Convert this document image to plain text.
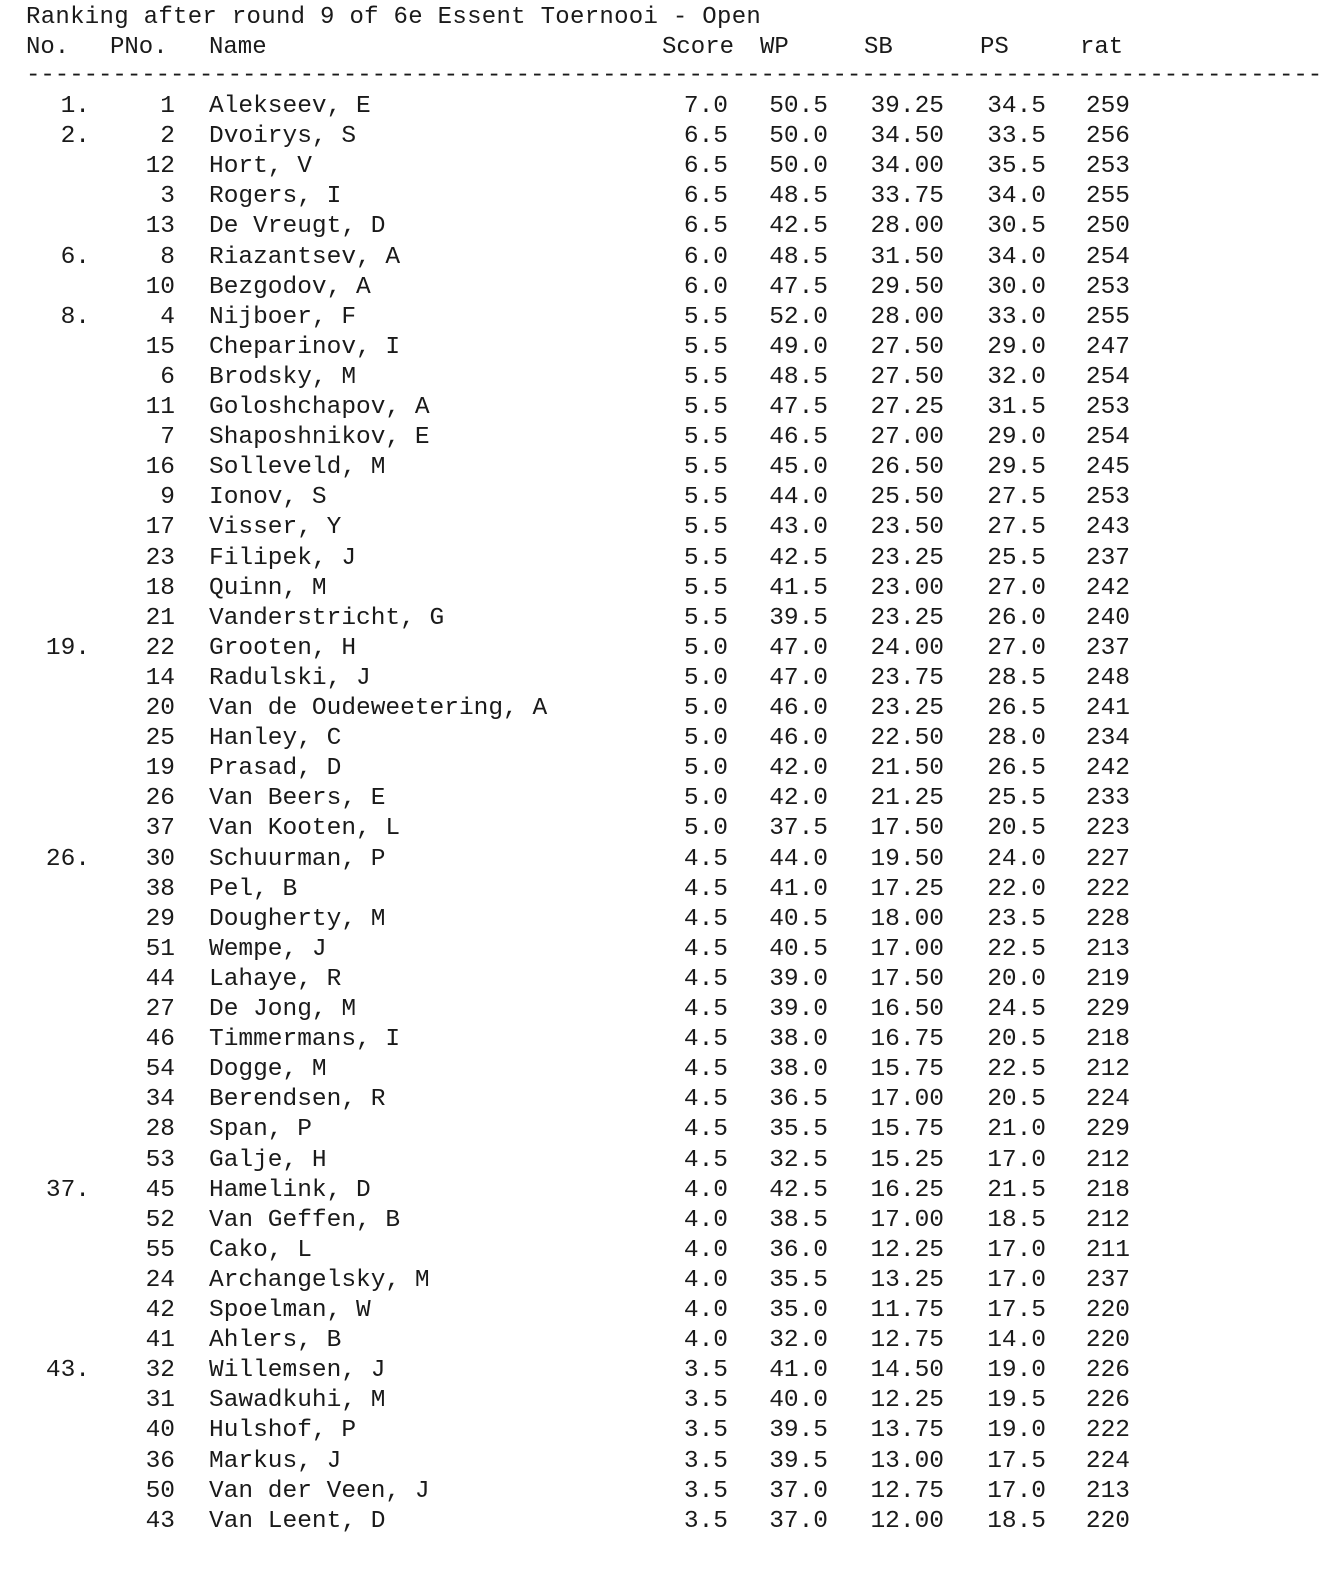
Ranking after round 9 of 6e Essent Toernooi - Open
No. PNo. Name	Score WP	SB	PS	rat
------------------------------------------------------------------------------------------
1.	1 Alekseev, E	7.0	50.5	39.25	34.5	259
2.	2 Dvoirys, S	6.5	50.0	34.50	33.5	256
12 Hort, V	6.5	50.0	34.00	35.5	253
3 Rogers, I	6.5	48.5	33.75	34.0	255
13 De Vreugt, D	6.5	42.5	28.00	30.5	250
6.	8 Riazantsev, A	6.0	48.5	31.50	34.0	254
10 Bezgodov, A	6.0	47.5	29.50	30.0	253
8.	4 Nijboer, F	5.5	52.0	28.00	33.0	255
15 Cheparinov, I	5.5	49.0	27.50	29.0	247
6 Brodsky, M	5.5	48.5	27.50	32.0	254
11 Goloshchapov, A	5.5	47.5	27.25	31.5	253
7 Shaposhnikov, E	5.5	46.5	27.00	29.0	254
16 Solleveld, M	5.5	45.0	26.50	29.5	245
9 Ionov, S	5.5	44.0	25.50	27.5	253
17 Visser, Y	5.5	43.0	23.50	27.5	243
23 Filipek, J	5.5	42.5	23.25	25.5	237
18 Quinn, M	5.5	41.5	23.00	27.0	242
21 Vanderstricht, G	5.5	39.5	23.25	26.0	240
19.	22 Grooten, H	5.0	47.0	24.00	27.0	237
14 Radulski, J	5.0	47.0	23.75	28.5	248
20 Van de Oudeweetering, A	5.0	46.0	23.25	26.5	241
25 Hanley, C	5.0	46.0	22.50	28.0	234
19 Prasad, D	5.0	42.0	21.50	26.5	242
26 Van Beers, E	5.0	42.0	21.25	25.5	233
37 Van Kooten, L	5.0	37.5	17.50	20.5	223
26.	30 Schuurman, P	4.5	44.0	19.50	24.0	227
38 Pel, B	4.5	41.0	17.25	22.0	222
29 Dougherty, M	4.5	40.5	18.00	23.5	228
51 Wempe, J	4.5	40.5	17.00	22.5	213
44 Lahaye, R	4.5	39.0	17.50	20.0	219
27 De Jong, M	4.5	39.0	16.50	24.5	229
46 Timmermans, I	4.5	38.0	16.75	20.5	218
54 Dogge, M	4.5	38.0	15.75	22.5	212
34 Berendsen, R	4.5	36.5	17.00	20.5	224
28 Span, P	4.5	35.5	15.75	21.0	229
53 Galje, H	4.5	32.5	15.25	17.0	212
37.	45 Hamelink, D	4.0	42.5	16.25	21.5	218
52 Van Geffen, B	4.0	38.5	17.00	18.5	212
55 Cako, L	4.0	36.0	12.25	17.0	211
24 Archangelsky, M	4.0	35.5	13.25	17.0	237
42 Spoelman, W	4.0	35.0	11.75	17.5	220
41 Ahlers, B	4.0	32.0	12.75	14.0	220
43.	32 Willemsen, J	3.5	41.0	14.50	19.0	226
31 Sawadkuhi, M	3.5	40.0	12.25	19.5	226
40 Hulshof, P	3.5	39.5	13.75	19.0	222
36 Markus, J	3.5	39.5	13.00	17.5	224
50 Van der Veen, J	3.5	37.0	12.75	17.0	213
43 Van Leent, D	3.5	37.0	12.00	18.5	220
